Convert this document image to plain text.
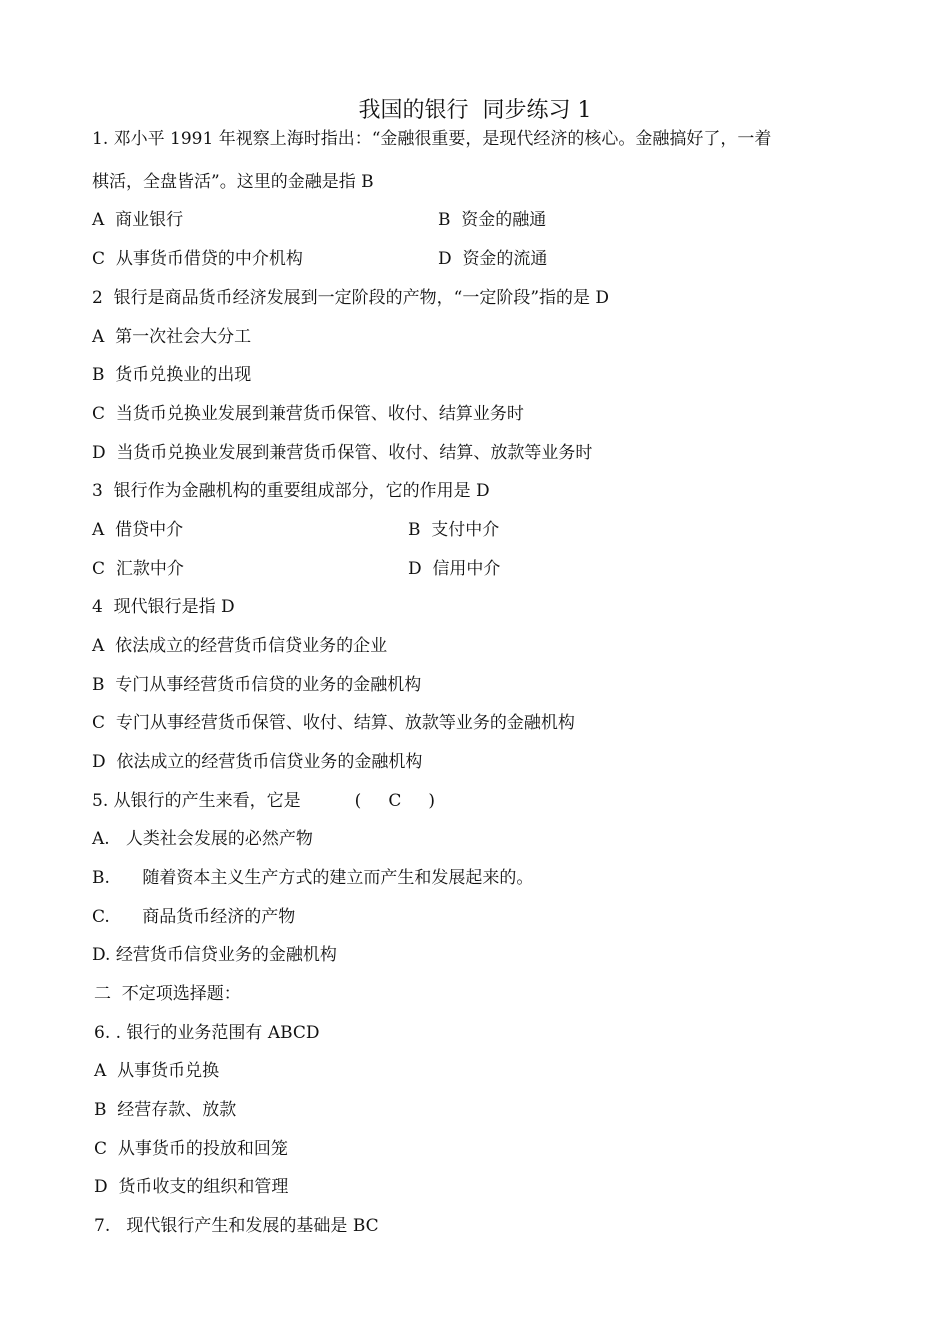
我国的银行  同步练习 1
1. 邓小平 1991 年视察上海时指出：“金融很重要，是现代经济的核心。金融搞好了，一着
棋活，全盘皆活”。这里的金融是指 B
A  商业银行	B  资金的融通
C  从事货币借贷的中介机构	D  资金的流通
2  银行是商品货币经济发展到一定阶段的产物，“一定阶段”指的是 D
A  第一次社会大分工
B  货币兑换业的出现
C  当货币兑换业发展到兼营货币保管、收付、结算业务时
D  当货币兑换业发展到兼营货币保管、收付、结算、放款等业务时
3  银行作为金融机构的重要组成部分，它的作用是 D
A  借贷中介	B  支付中介
C  汇款中介	D  信用中介
4  现代银行是指 D
A  依法成立的经营货币信贷业务的企业
B  专门从事经营货币信贷的业务的金融机构
C  专门从事经营货币保管、收付、结算、放款等业务的金融机构
D  依法成立的经营货币信贷业务的金融机构
5. 从银行的产生来看，它是          (     C     )
A.   人类社会发展的必然产物
B.      随着资本主义生产方式的建立而产生和发展起来的。
C.      商品货币经济的产物
D. 经营货币信贷业务的金融机构
二  不定项选择题：
6. . 银行的业务范围有 ABCD
A  从事货币兑换
B  经营存款、放款
C  从事货币的投放和回笼
D  货币收支的组织和管理
7.   现代银行产生和发展的基础是 BC
